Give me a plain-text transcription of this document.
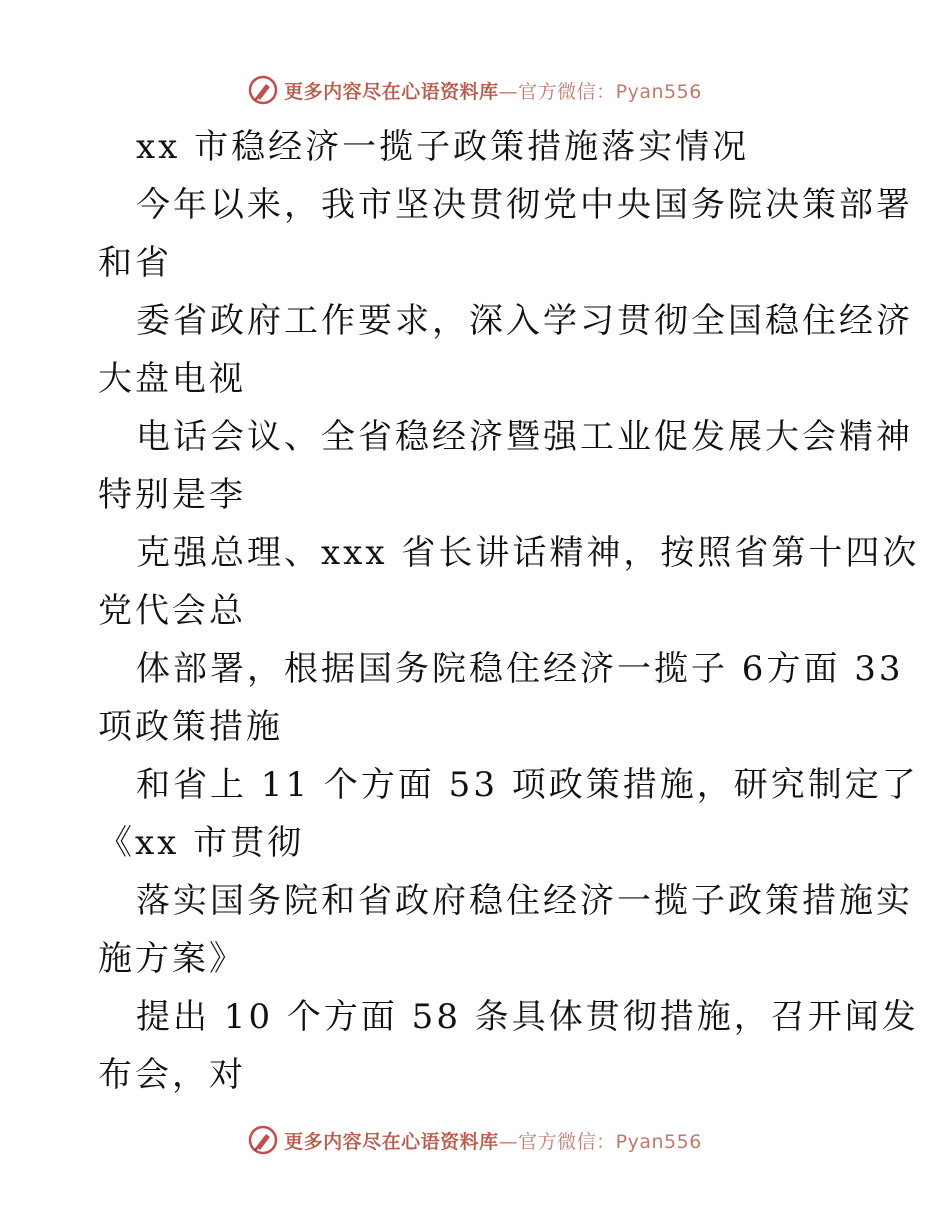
更多内容尽在心语资料库—官方微信：Pyan556
xx 市稳经济一揽子政策措施落实情况
今年以来，我市坚决贯彻党中央国务院决策部署
和省
委省政府工作要求，深入学习贯彻全国稳住经济
大盘电视
电话会议、全省稳经济暨强工业促发展大会精神
特别是李
克强总理、xxx 省长讲话精神，按照省第十四次
党代会总
体部署，根据国务院稳住经济一揽子 6方面 33
项政策措施
和省上 11 个方面 53 项政策措施，研究制定了
《xx 市贯彻
落实国务院和省政府稳住经济一揽子政策措施实
施方案》
提出 10 个方面 58 条具体贯彻措施，召开闻发
布会，对
更多内容尽在心语资料库—官方微信：Pyan556
